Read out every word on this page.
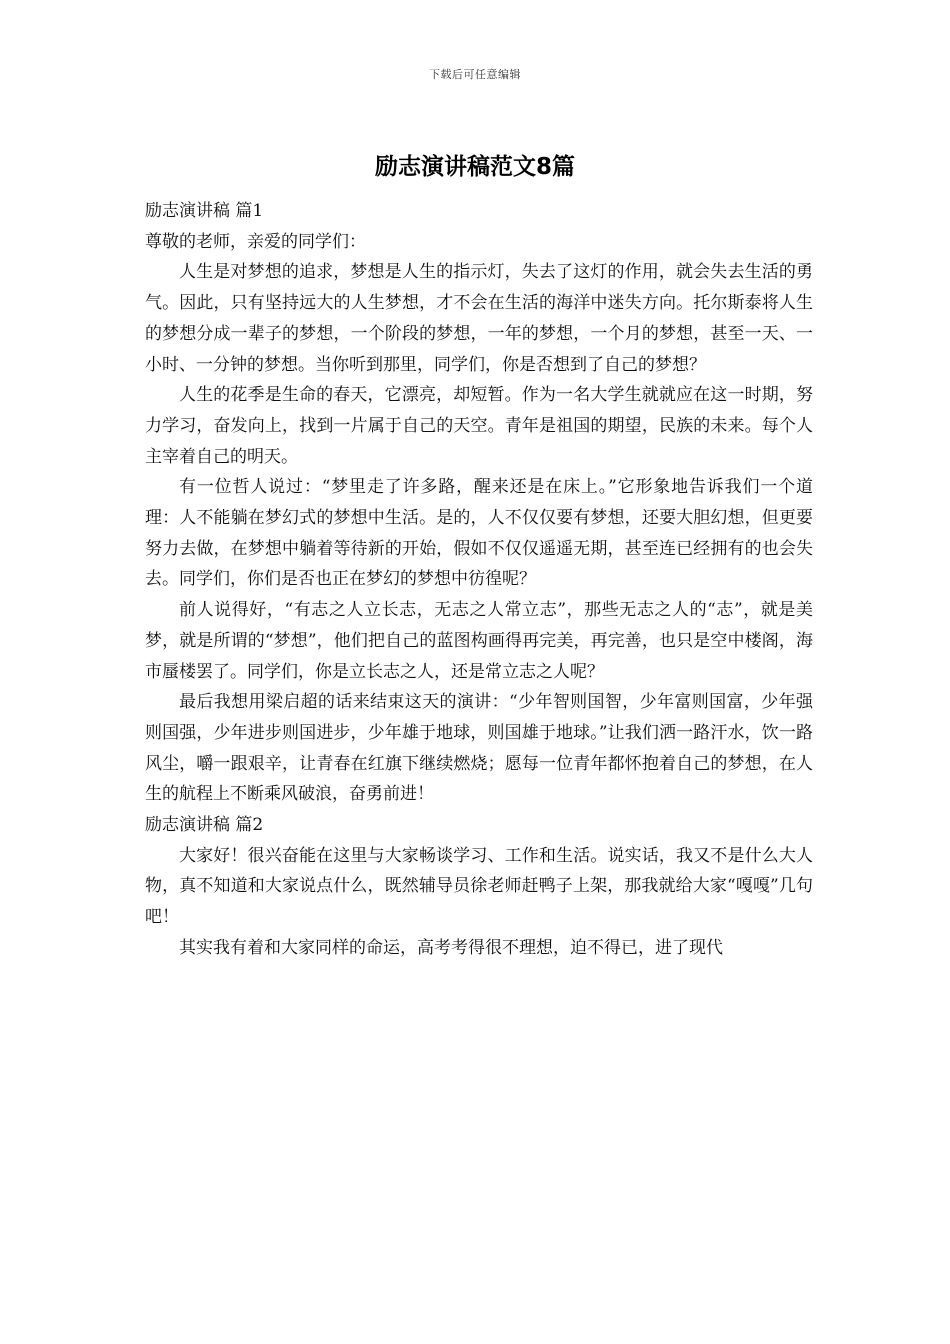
下载后可任意编辑
励志演讲稿范文8篇

励志演讲稿 篇1

尊敬的老师，亲爱的同学们：

人生是对梦想的追求，梦想是人生的指示灯，失去了这灯的作用，就会失去生活的勇气。因此，只有坚持远大的人生梦想，才不会在生活的海洋中迷失方向。托尔斯泰将人生的梦想分成一辈子的梦想，一个阶段的梦想，一年的梦想，一个月的梦想，甚至一天、一小时、一分钟的梦想。当你听到那里，同学们，你是否想到了自己的梦想？

人生的花季是生命的春天，它漂亮，却短暂。作为一名大学生就就应在这一时期，努力学习，奋发向上，找到一片属于自己的天空。青年是祖国的期望，民族的未来。每个人主宰着自己的明天。

有一位哲人说过：“梦里走了许多路，醒来还是在床上。”它形象地告诉我们一个道理：人不能躺在梦幻式的梦想中生活。是的，人不仅仅要有梦想，还要大胆幻想，但更要努力去做，在梦想中躺着等待新的开始，假如不仅仅遥遥无期，甚至连已经拥有的也会失去。同学们，你们是否也正在梦幻的梦想中彷徨呢？

前人说得好，“有志之人立长志，无志之人常立志”，那些无志之人的“志”，就是美梦，就是所谓的“梦想”，他们把自己的蓝图构画得再完美，再完善，也只是空中楼阁，海市蜃楼罢了。同学们，你是立长志之人，还是常立志之人呢？

最后我想用梁启超的话来结束这天的演讲：“少年智则国智，少年富则国富，少年强则国强，少年进步则国进步，少年雄于地球，则国雄于地球。”让我们洒一路汗水，饮一路风尘，嚼一跟艰辛，让青春在红旗下继续燃烧；愿每一位青年都怀抱着自己的梦想，在人生的航程上不断乘风破浪，奋勇前进！

励志演讲稿 篇2

大家好！很兴奋能在这里与大家畅谈学习、工作和生活。说实话，我又不是什么大人物，真不知道和大家说点什么，既然辅导员徐老师赶鸭子上架，那我就给大家“嘎嘎”几句吧！

其实我有着和大家同样的命运，高考考得很不理想，迫不得已，进了现代
